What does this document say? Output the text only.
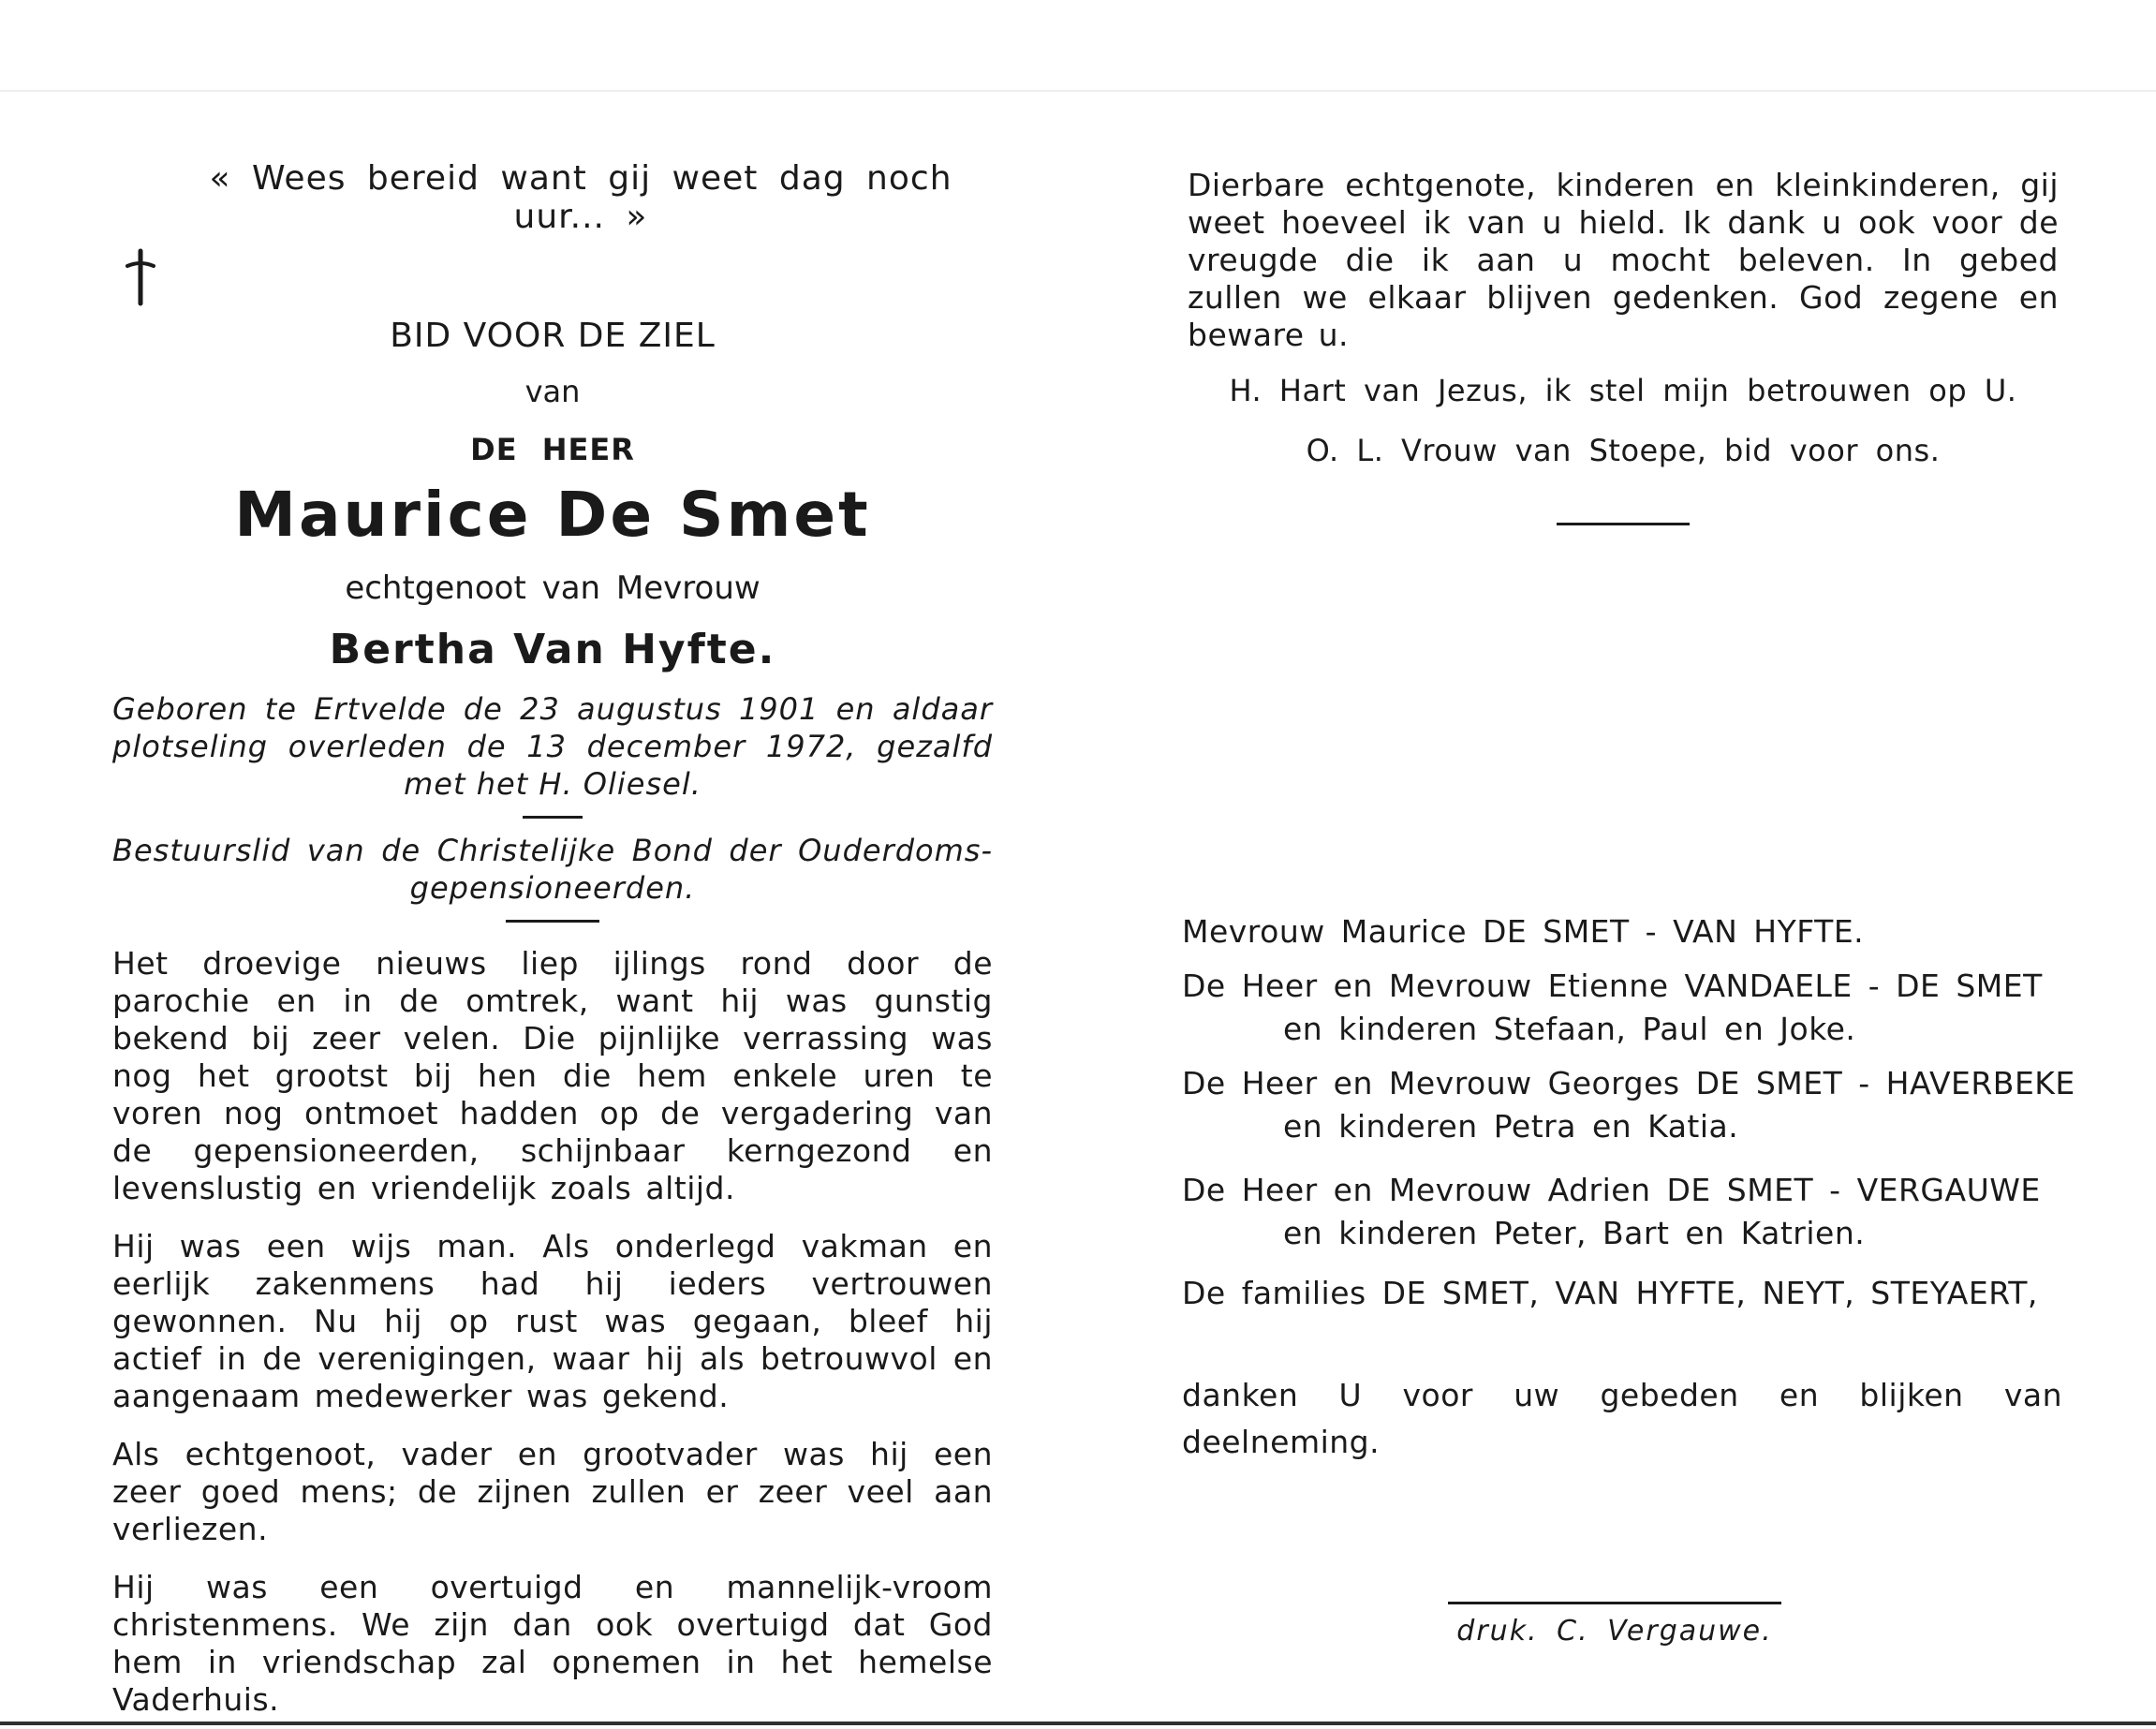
« Wees bereid want gij weet dag noch uur... »
BID VOOR DE ZIEL
van
DE HEER
Maurice De Smet
echtgenoot van Mevrouw
Bertha Van Hyfte.
Geboren te Ertvelde de 23 augustus 1901 en aldaar
plotseling overleden de 13 december 1972, gezalfd
met het H. Oliesel.
Bestuurslid van de Christelijke Bond der Ouderdoms-
gepensioneerden.
Het droevige nieuws liep ijlings rond door de parochie en in de omtrek, want hij was gunstig bekend bij zeer velen. Die pijnlijke verrassing was nog het grootst bij hen die hem enkele uren te voren nog ontmoet hadden op de vergadering van de gepensioneerden, schijnbaar kerngezond en levenslustig en vriendelijk zoals altijd.
Hij was een wijs man. Als onderlegd vakman en eerlijk zakenmens had hij ieders vertrouwen gewonnen. Nu hij op rust was gegaan, bleef hij actief in de verenigingen, waar hij als betrouwvol en aangenaam medewerker was gekend.
Als echtgenoot, vader en grootvader was hij een zeer goed mens; de zijnen zullen er zeer veel aan verliezen.
Hij was een overtuigd en mannelijk-vroom christenmens. We zijn dan ook overtuigd dat God hem in vriendschap zal opnemen in het hemelse Vaderhuis.
Dierbare echtgenote, kinderen en kleinkinderen, gij weet hoeveel ik van u hield. Ik dank u ook voor de vreugde die ik aan u mocht beleven. In gebed zullen we elkaar blijven gedenken. God zegene en beware u.
H. Hart van Jezus, ik stel mijn betrouwen op U.
O. L. Vrouw van Stoepe, bid voor ons.
Mevrouw Maurice DE SMET - VAN HYFTE.
De Heer en Mevrouw Etienne VANDAELE - DE SMET
en kinderen Stefaan, Paul en Joke.
De Heer en Mevrouw Georges DE SMET - HAVERBEKE
en kinderen Petra en Katia.
De Heer en Mevrouw Adrien DE SMET - VERGAUWE
en kinderen Peter, Bart en Katrien.
De families DE SMET, VAN HYFTE, NEYT, STEYAERT,
danken U voor uw gebeden en blijken van deelneming.
druk. C. Vergauwe.
